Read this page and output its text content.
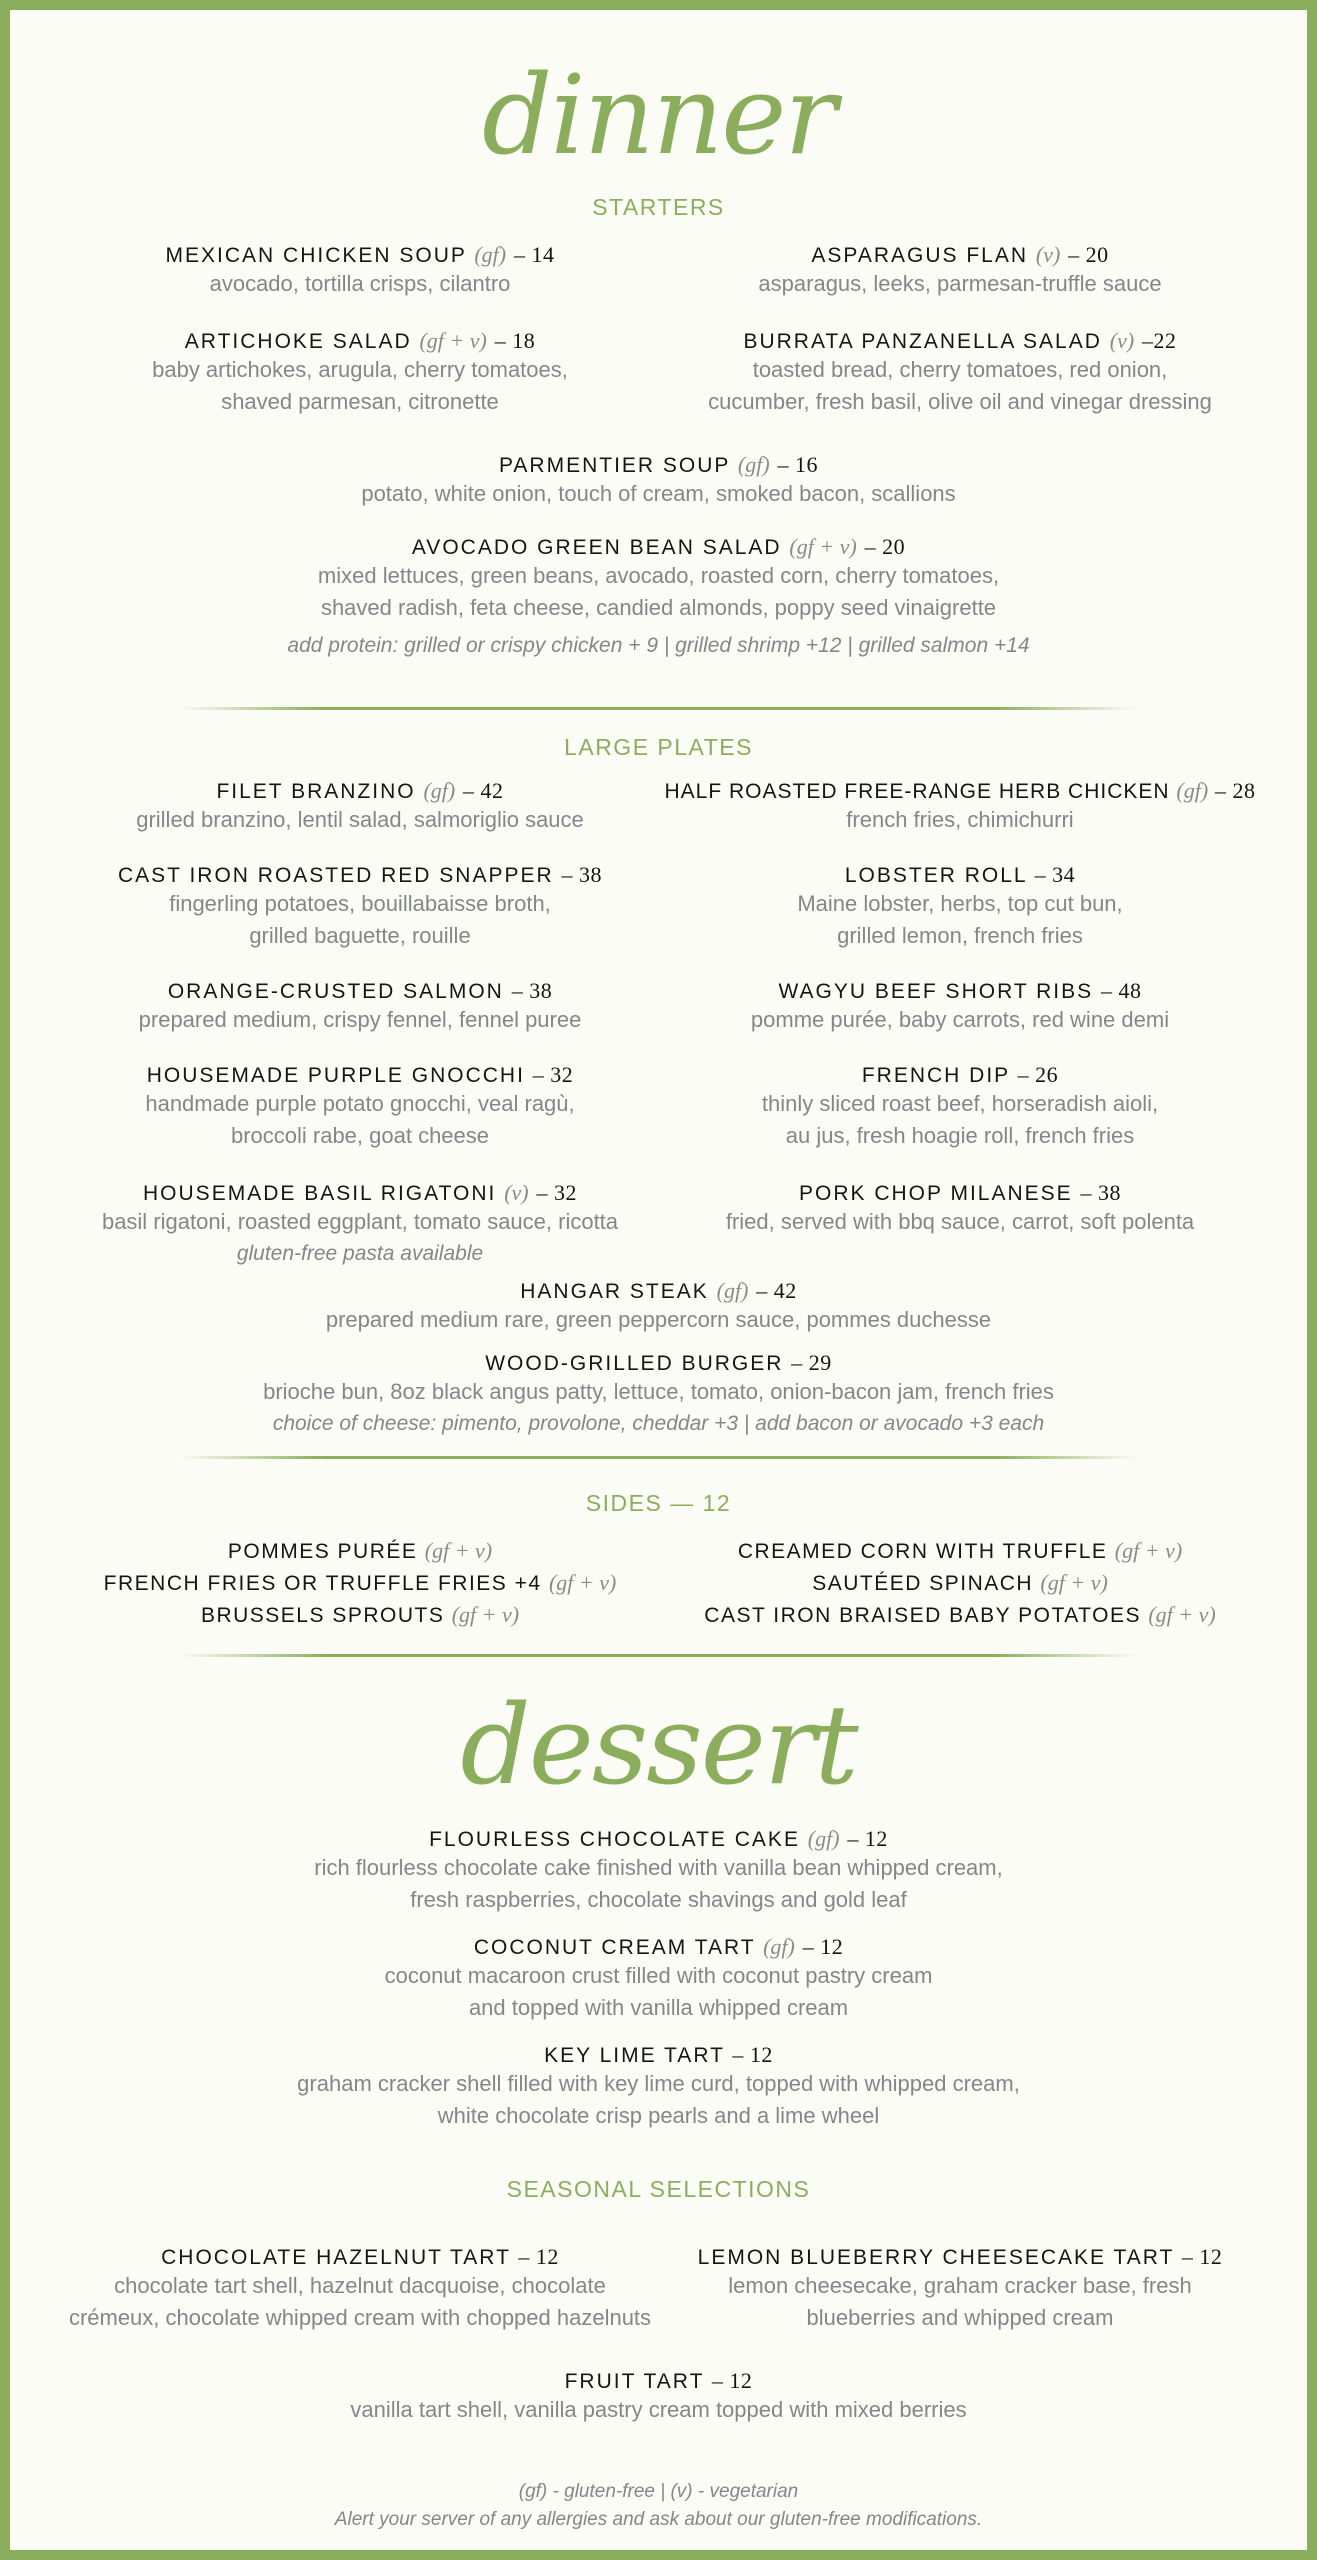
dinner
STARTERS
MEXICAN CHICKEN SOUP (gf) – 14
avocado, tortilla crisps, cilantro
ASPARAGUS FLAN (v) – 20
asparagus, leeks, parmesan-truffle sauce
ARTICHOKE SALAD (gf + v) – 18
baby artichokes, arugula, cherry tomatoes,
shaved parmesan, citronette
BURRATA PANZANELLA SALAD (v) –22
toasted bread, cherry tomatoes, red onion,
cucumber, fresh basil, olive oil and vinegar dressing
PARMENTIER SOUP (gf) – 16
potato, white onion, touch of cream, smoked bacon, scallions
AVOCADO GREEN BEAN SALAD (gf + v) – 20
mixed lettuces, green beans, avocado, roasted corn, cherry tomatoes,
shaved radish, feta cheese, candied almonds, poppy seed vinaigrette
add protein: grilled or crispy chicken + 9 | grilled shrimp +12 | grilled salmon +14
LARGE PLATES
FILET BRANZINO (gf) – 42
grilled branzino, lentil salad, salmoriglio sauce
HALF ROASTED FREE-RANGE HERB CHICKEN (gf) – 28
french fries, chimichurri
CAST IRON ROASTED RED SNAPPER – 38
fingerling potatoes, bouillabaisse broth,
grilled baguette, rouille
LOBSTER ROLL – 34
Maine lobster, herbs, top cut bun,
grilled lemon, french fries
ORANGE-CRUSTED SALMON – 38
prepared medium, crispy fennel, fennel puree
WAGYU BEEF SHORT RIBS – 48
pomme purée, baby carrots, red wine demi
HOUSEMADE PURPLE GNOCCHI – 32
handmade purple potato gnocchi, veal ragù,
broccoli rabe, goat cheese
FRENCH DIP – 26
thinly sliced roast beef, horseradish aioli,
au jus, fresh hoagie roll, french fries
HOUSEMADE BASIL RIGATONI (v) – 32
basil rigatoni, roasted eggplant, tomato sauce, ricotta
gluten-free pasta available
PORK CHOP MILANESE – 38
fried, served with bbq sauce, carrot, soft polenta
HANGAR STEAK (gf) – 42
prepared medium rare, green peppercorn sauce, pommes duchesse
WOOD-GRILLED BURGER – 29
brioche bun, 8oz black angus patty, lettuce, tomato, onion-bacon jam, french fries
choice of cheese: pimento, provolone, cheddar +3 | add bacon or avocado +3 each
SIDES — 12
POMMES PURÉE (gf + v)	CREAMED CORN WITH TRUFFLE (gf + v)
FRENCH FRIES OR TRUFFLE FRIES +4 (gf + v)	SAUTÉED SPINACH (gf + v)
BRUSSELS SPROUTS (gf + v)	CAST IRON BRAISED BABY POTATOES (gf + v)
dessert
FLOURLESS CHOCOLATE CAKE (gf) – 12
rich flourless chocolate cake finished with vanilla bean whipped cream,
fresh raspberries, chocolate shavings and gold leaf
COCONUT CREAM TART (gf) – 12
coconut macaroon crust filled with coconut pastry cream
and topped with vanilla whipped cream
KEY LIME TART – 12
graham cracker shell filled with key lime curd, topped with whipped cream,
white chocolate crisp pearls and a lime wheel
SEASONAL SELECTIONS
CHOCOLATE HAZELNUT TART – 12
chocolate tart shell, hazelnut dacquoise, chocolate
crémeux, chocolate whipped cream with chopped hazelnuts
LEMON BLUEBERRY CHEESECAKE TART – 12
lemon cheesecake, graham cracker base, fresh
blueberries and whipped cream
FRUIT TART – 12
vanilla tart shell, vanilla pastry cream topped with mixed berries
(gf) - gluten-free | (v) - vegetarian
Alert your server of any allergies and ask about our gluten-free modifications.
